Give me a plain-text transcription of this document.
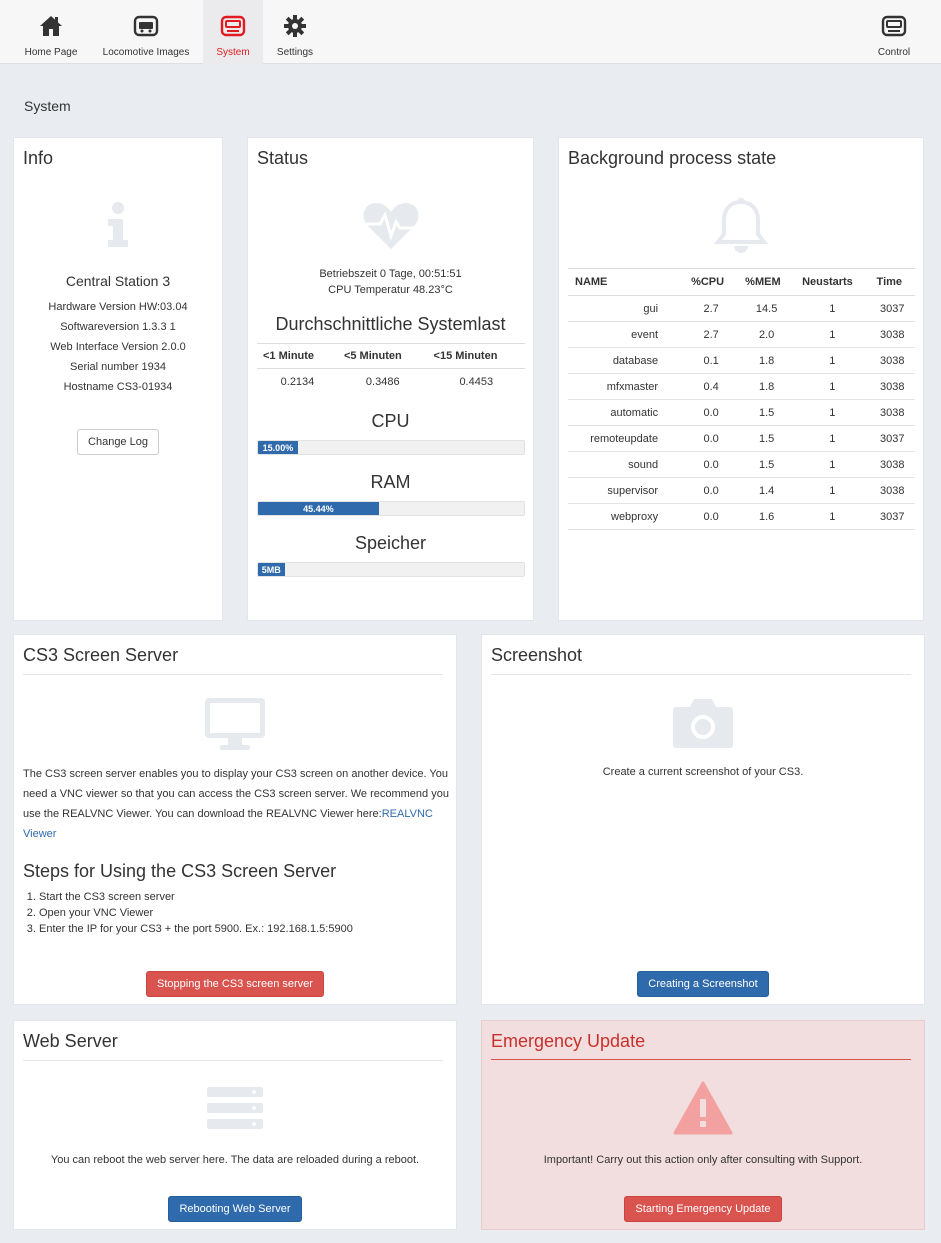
Home Page	Locomotive Images	System	Settings	Control
System
Info
Central Station 3
Hardware Version HW:03.04
Softwareversion 1.3.3 1
Web Interface Version 2.0.0
Serial number 1934
Hostname CS3-01934
Change Log
Status
Betriebszeit 0 Tage, 00:51:51
CPU Temperatur 48.23°C
Durchschnittliche Systemlast
<1 Minute	<5 Minuten	<15 Minuten
0.2134	0.3486	0.4453
CPU
15.00%
RAM
45.44%
Speicher
5MB
Background process state
NAME	%CPU	%MEM	Neustarts	Time
gui	2.7	14.5	1	3037
event	2.7	2.0	1	3038
database	0.1	1.8	1	3038
mfxmaster	0.4	1.8	1	3038
automatic	0.0	1.5	1	3038
remoteupdate	0.0	1.5	1	3037
sound	0.0	1.5	1	3038
supervisor	0.0	1.4	1	3038
webproxy	0.0	1.6	1	3037
CS3 Screen Server
The CS3 screen server enables you to display your CS3 screen on another device. You need a VNC viewer so that you can access the CS3 screen server. We recommend you use the REALVNC Viewer. You can download the REALVNC Viewer here:REALVNC Viewer
Steps for Using the CS3 Screen Server
1. Start the CS3 screen server
2. Open your VNC Viewer
3. Enter the IP for your CS3 + the port 5900. Ex.: 192.168.1.5:5900
Stopping the CS3 screen server
Screenshot
Create a current screenshot of your CS3.
Creating a Screenshot
Web Server
You can reboot the web server here. The data are reloaded during a reboot.
Rebooting Web Server
Emergency Update
Important! Carry out this action only after consulting with Support.
Starting Emergency Update
